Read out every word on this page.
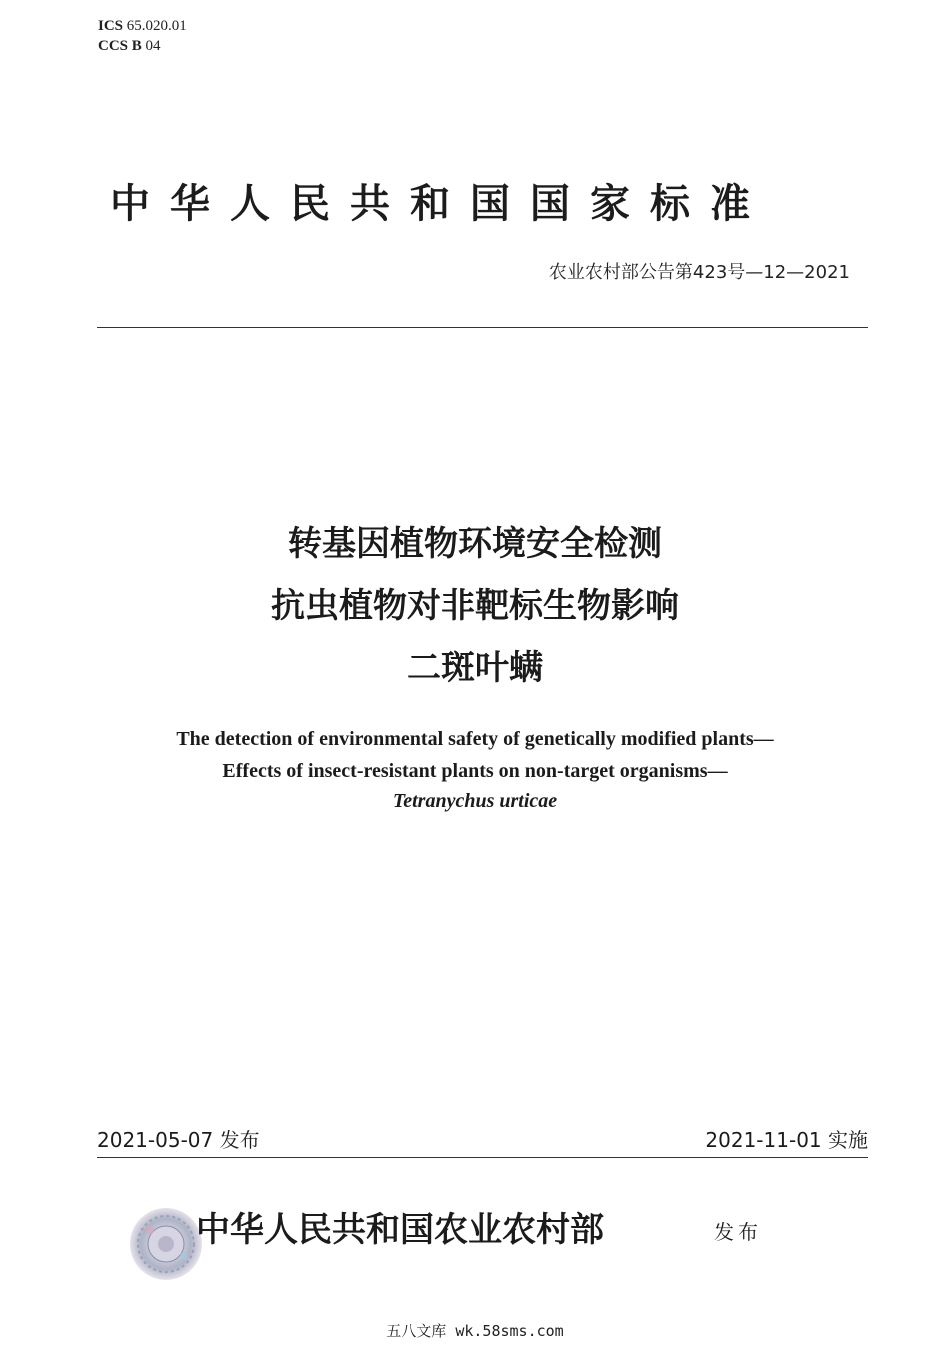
ICS 65.020.01
CCS B 04
中华人民共和国国家标准
农业农村部公告第423号—12—2021
转基因植物环境安全检测
抗虫植物对非靶标生物影响
二斑叶螨
The detection of environmental safety of genetically modified plants—
Effects of insect-resistant plants on non-target organisms—
Tetranychus urticae
2021-05-07 发布	2021-11-01 实施
中华人民共和国农业农村部	发布
五八文库 wk.58sms.com
